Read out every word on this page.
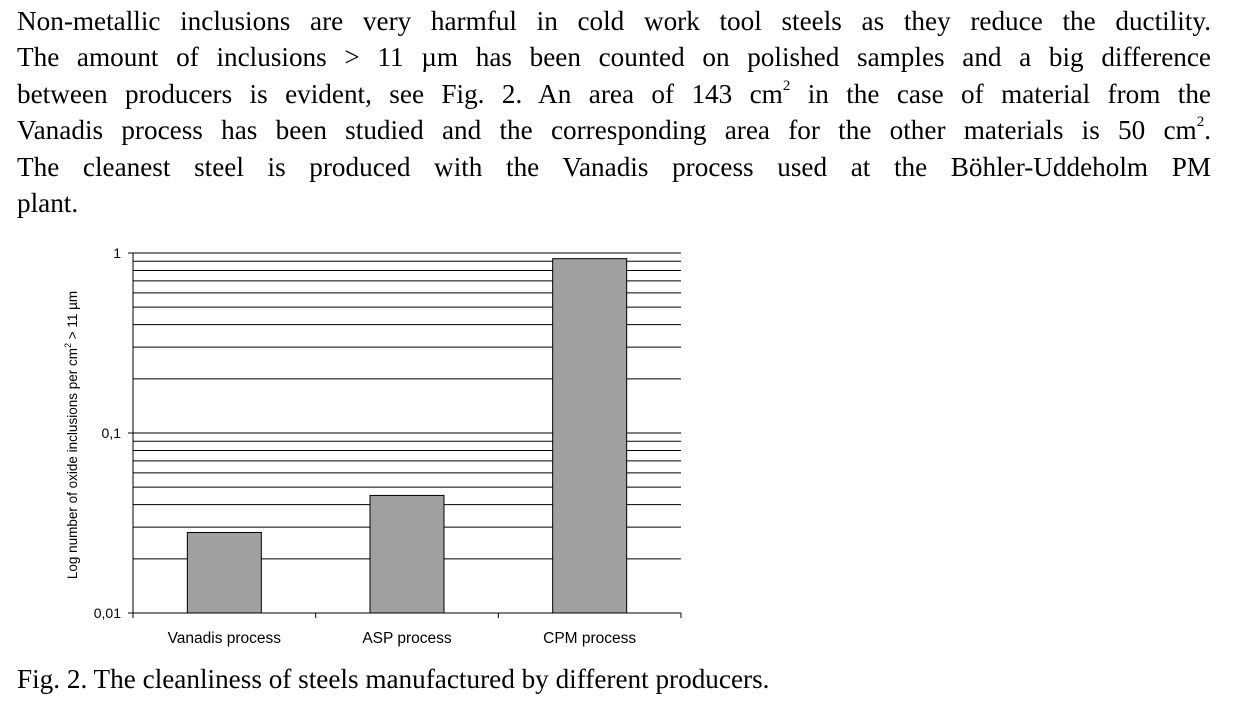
Non-metallic inclusions are very harmful in cold work tool steels as they reduce the ductility.
The amount of inclusions > 11 µm has been counted on polished samples and a big difference
between producers is evident, see Fig. 2. An area of 143 $cm^2$ in the case of material from the
Vanadis process has been studied and the corresponding area for the other materials is 50 $cm^2$.
The cleanest steel is produced with the Vanadis process used at the Böhler-Uddeholm PM
plant.
Vanadis process	ASP process	CPM process
0,01
0,1
1
Log number of oxide inclusions per $cm^2 > 11$ µm
Fig. 2. The cleanliness of steels manufactured by different producers.
